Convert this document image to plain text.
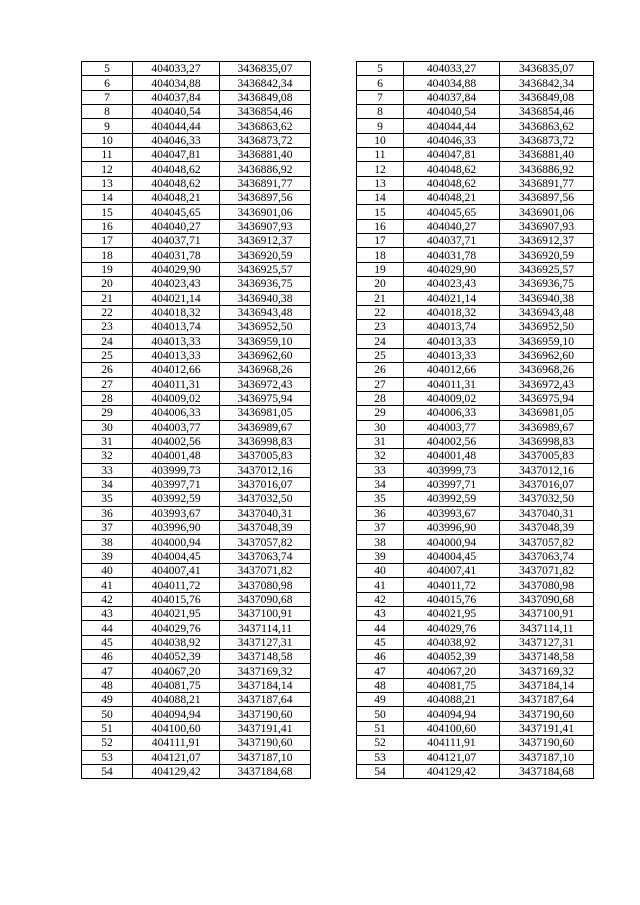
5	404033,27	3436835,07		5	404033,27	3436835,07
6	404034,88	3436842,34		6	404034,88	3436842,34
7	404037,84	3436849,08		7	404037,84	3436849,08
8	404040,54	3436854,46		8	404040,54	3436854,46
9	404044,44	3436863,62		9	404044,44	3436863,62
10	404046,33	3436873,72		10	404046,33	3436873,72
11	404047,81	3436881,40		11	404047,81	3436881,40
12	404048,62	3436886,92		12	404048,62	3436886,92
13	404048,62	3436891,77		13	404048,62	3436891,77
14	404048,21	3436897,56		14	404048,21	3436897,56
15	404045,65	3436901,06		15	404045,65	3436901,06
16	404040,27	3436907,93		16	404040,27	3436907,93
17	404037,71	3436912,37		17	404037,71	3436912,37
18	404031,78	3436920,59		18	404031,78	3436920,59
19	404029,90	3436925,57		19	404029,90	3436925,57
20	404023,43	3436936,75		20	404023,43	3436936,75
21	404021,14	3436940,38		21	404021,14	3436940,38
22	404018,32	3436943,48		22	404018,32	3436943,48
23	404013,74	3436952,50		23	404013,74	3436952,50
24	404013,33	3436959,10		24	404013,33	3436959,10
25	404013,33	3436962,60		25	404013,33	3436962,60
26	404012,66	3436968,26		26	404012,66	3436968,26
27	404011,31	3436972,43		27	404011,31	3436972,43
28	404009,02	3436975,94		28	404009,02	3436975,94
29	404006,33	3436981,05		29	404006,33	3436981,05
30	404003,77	3436989,67		30	404003,77	3436989,67
31	404002,56	3436998,83		31	404002,56	3436998,83
32	404001,48	3437005,83		32	404001,48	3437005,83
33	403999,73	3437012,16		33	403999,73	3437012,16
34	403997,71	3437016,07		34	403997,71	3437016,07
35	403992,59	3437032,50		35	403992,59	3437032,50
36	403993,67	3437040,31		36	403993,67	3437040,31
37	403996,90	3437048,39		37	403996,90	3437048,39
38	404000,94	3437057,82		38	404000,94	3437057,82
39	404004,45	3437063,74		39	404004,45	3437063,74
40	404007,41	3437071,82		40	404007,41	3437071,82
41	404011,72	3437080,98		41	404011,72	3437080,98
42	404015,76	3437090,68		42	404015,76	3437090,68
43	404021,95	3437100,91		43	404021,95	3437100,91
44	404029,76	3437114,11		44	404029,76	3437114,11
45	404038,92	3437127,31		45	404038,92	3437127,31
46	404052,39	3437148,58		46	404052,39	3437148,58
47	404067,20	3437169,32		47	404067,20	3437169,32
48	404081,75	3437184,14		48	404081,75	3437184,14
49	404088,21	3437187,64		49	404088,21	3437187,64
50	404094,94	3437190,60		50	404094,94	3437190,60
51	404100,60	3437191,41		51	404100,60	3437191,41
52	404111,91	3437190,60		52	404111,91	3437190,60
53	404121,07	3437187,10		53	404121,07	3437187,10
54	404129,42	3437184,68		54	404129,42	3437184,68
